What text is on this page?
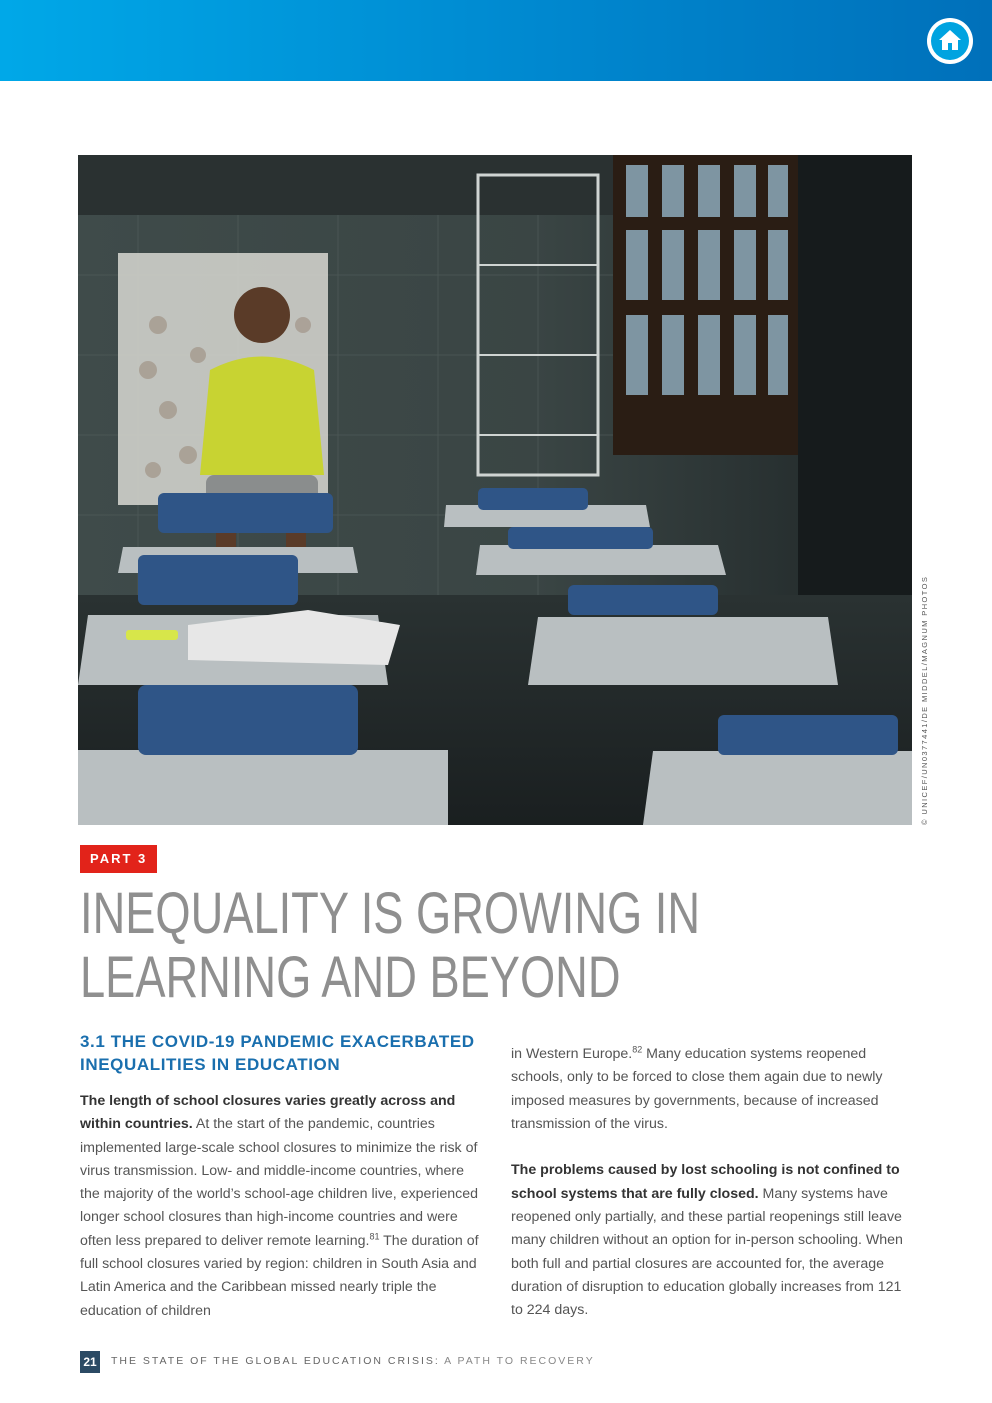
© UNICEF/UN0377441/DE MIDDEL/MAGNUM PHOTOS
PART 3
INEQUALITY IS GROWING IN
LEARNING AND BEYOND
3.1 THE COVID-19 PANDEMIC EXACERBATED
INEQUALITIES IN EDUCATION

The length of school closures varies greatly across and within countries. At the start of the pandemic, countries implemented large-scale school closures to minimize the risk of virus transmission. Low- and middle-income countries, where the majority of the world’s school-age children live, experienced longer school closures than high-income countries and were often less prepared to deliver remote learning.$^{81}$ The duration of full school closures varied by region: children in South Asia and Latin America and the Caribbean missed nearly triple the education of children

in Western Europe.$^{82}$ Many education systems reopened schools, only to be forced to close them again due to newly imposed measures by governments, because of increased transmission of the virus.

The problems caused by lost schooling is not confined to school systems that are fully closed. Many systems have reopened only partially, and these partial reopenings still leave many children without an option for in-person schooling. When both full and partial closures are accounted for, the average duration of disruption to education globally increases from 121 to 224 days.

21	THE STATE OF THE GLOBAL EDUCATION CRISIS: A PATH TO RECOVERY
